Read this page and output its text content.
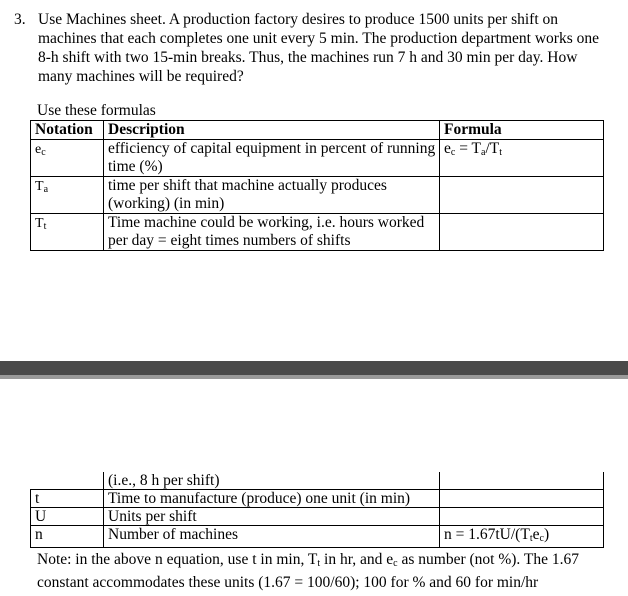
3. Use Machines sheet. A production factory desires to produce 1500 units per shift on machines that each completes one unit every 5 min. The production department works one 8-h shift with two 15-min breaks. Thus, the machines run 7 h and 30 min per day. How many machines will be required?
Use these formulas
Notation	Description	Formula
$e_c$	efficiency of capital equipment in percent of running time (%)	$e_c = T_a/T_t$
$T_a$	time per shift that machine actually produces (working) (in min)	
$T_t$	Time machine could be working, i.e. hours worked per day = eight times numbers of shifts	
	(i.e., 8 h per shift)	
t	Time to manufacture (produce) one unit (in min)	
U	Units per shift	
n	Number of machines	$n = 1.67tU/(T_te_c)$
Note: in the above n equation, use t in min, $T_t$ in hr, and $e_c$ as number (not %). The 1.67 constant accommodates these units (1.67 = 100/60); 100 for % and 60 for min/hr
